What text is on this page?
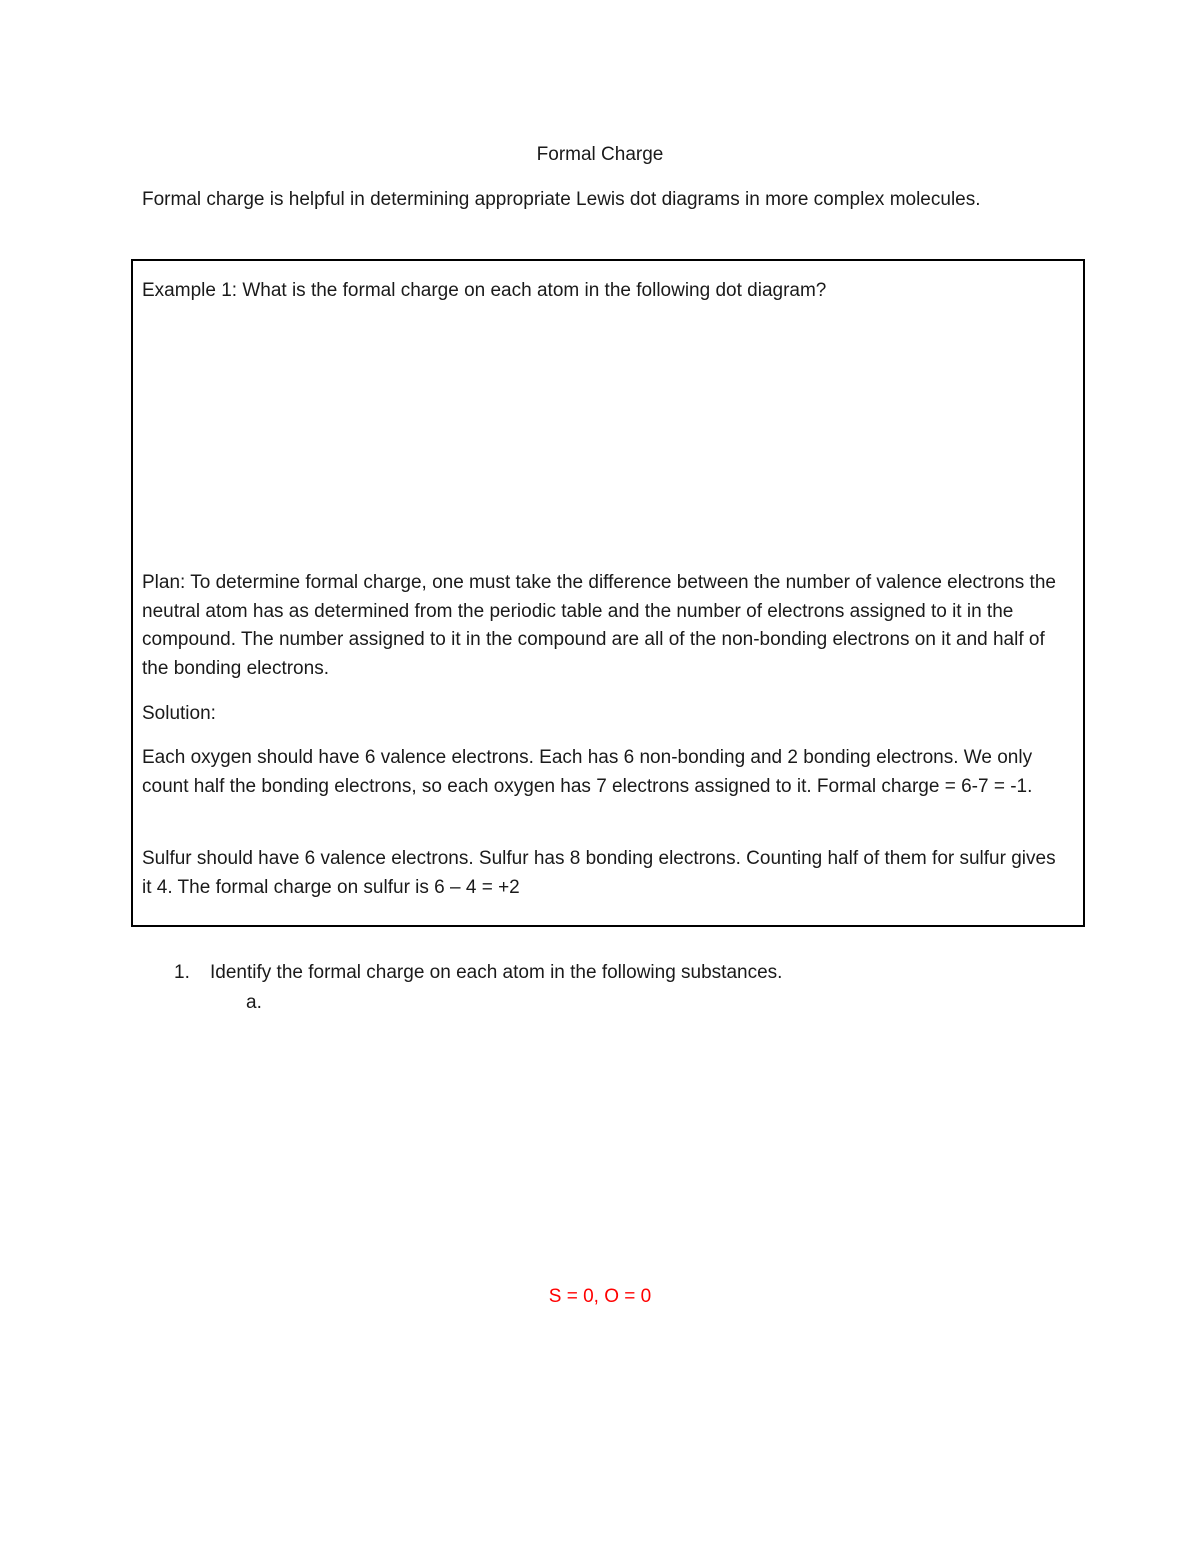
Formal Charge
Formal charge is helpful in determining appropriate Lewis dot diagrams in more complex molecules.
Example 1: What is the formal charge on each atom in the following dot diagram?
Plan: To determine formal charge, one must take the difference between the number of valence electrons the neutral atom has as determined from the periodic table and the number of electrons assigned to it in the compound. The number assigned to it in the compound are all of the non-bonding electrons on it and half of the bonding electrons.
Solution:
Each oxygen should have 6 valence electrons. Each has 6 non-bonding and 2 bonding electrons. We only count half the bonding electrons, so each oxygen has 7 electrons assigned to it. Formal charge = 6-7 = -1.
Sulfur should have 6 valence electrons. Sulfur has 8 bonding electrons. Counting half of them for sulfur gives it 4. The formal charge on sulfur is 6 – 4 = +2
1. Identify the formal charge on each atom in the following substances.
a.
S = 0, O = 0
